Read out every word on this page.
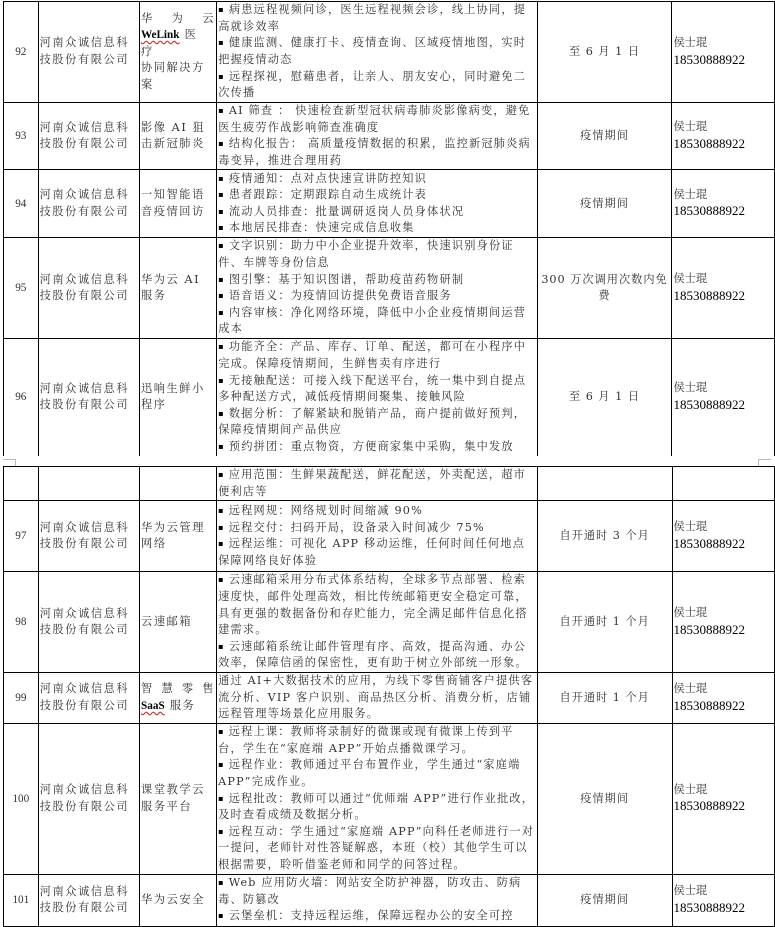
92	河南众诚信息科技股份有限公司	华 为 云
WeLink 医 疗
协同解决方案	▪ 病患远程视频问诊，医生远程视频会诊，线上协同，提高就诊效率
▪ 健康监测、健康打卡、疫情查询、区域疫情地图，实时把握疫情动态
▪ 远程探视，慰藉患者，让亲人、朋友安心，同时避免二次传播	至 6 月 1 日	侯士琨
18530888922
93	河南众诚信息科技股份有限公司	影像 AI 狙击新冠肺炎	▪ AI 筛查 ： 快速检查新型冠状病毒肺炎影像病变，避免医生疲劳作战影响筛查准确度
▪ 结构化报告： 高质量疫情数据的积累，监控新冠肺炎病毒变异，推进合理用药	疫情期间	侯士琨
18530888922
94	河南众诚信息科技股份有限公司	一知智能语音疫情回访	▪ 疫情通知：点对点快速宣讲防控知识
▪ 患者跟踪：定期跟踪自动生成统计表
▪ 流动人员排查：批量调研返岗人员身体状况
▪ 本地居民排查：快速完成信息收集	疫情期间	侯士琨
18530888922
95	河南众诚信息科技股份有限公司	华为云 AI 服务	▪ 文字识别：助力中小企业提升效率，快速识别身份证件、车牌等身份信息
▪ 图引擎：基于知识图谱，帮助疫苗药物研制
▪ 语音语义：为疫情回访提供免费语音服务
▪ 内容审核：净化网络环境，降低中小企业疫情期间运营成本	300 万次调用次数内免费	侯士琨
18530888922
96	河南众诚信息科技股份有限公司	迅响生鲜小程序	▪ 功能齐全：产品、库存、订单、配送，都可在小程序中完成。保障疫情期间，生鲜售卖有序进行
▪ 无接触配送：可接入线下配送平台，统一集中到自提点多种配送方式，减低疫情期间聚集、接触风险
▪ 数据分析：了解紧缺和脱销产品，商户提前做好预判，保障疫情期间产品供应
▪ 预约拼团：重点物资，方便商家集中采购，集中发放	至 6 月 1 日	侯士琨
18530888922

			▪ 应用范围：生鲜果蔬配送，鲜花配送，外卖配送，超市便利店等

97	河南众诚信息科技股份有限公司	华为云管理网络	▪ 远程网规：网络规划时间缩减 90%
▪ 远程交付：扫码开局，设备录入时间减少 75%
▪ 远程运维：可视化 APP 移动运维，任何时间任何地点保障网络良好体验	自开通时 3 个月	侯士琨
18530888922
98	河南众诚信息科技股份有限公司	云速邮箱	▪ 云速邮箱采用分布式体系结构，全球多节点部署、检索速度快，邮件处理高效，相比传统邮箱更安全稳定可靠，具有更强的数据备份和存贮能力，完全满足邮件信息化搭建需求。
▪ 云速邮箱系统让邮件管理有序、高效，提高沟通、办公效率，保障信函的保密性，更有助于树立外部统一形象。	自开通时 1 个月	侯士琨
18530888922
99	河南众诚信息科技股份有限公司	智 慧 零 售
SaaS 服务	通过 AI+大数据技术的应用，为线下零售商铺客户提供客流分析、VIP 客户识别、商品热区分析、消费分析，店铺远程管理等场景化应用服务。	自开通时 1 个月	侯士琨
18530888922
100	河南众诚信息科技股份有限公司	课堂教学云服务平台	▪ 远程上课：教师将录制好的微课或现有微课上传到平台，学生在“家庭端 APP”开始点播微课学习。
▪ 远程作业：教师通过平台布置作业，学生通过“家庭端 APP”完成作业。
▪ 远程批改：教师可以通过“优师端 APP”进行作业批改，及时查看成绩及数据分析。
▪ 远程互动：学生通过“家庭端 APP”向科任老师进行一对一提问，老师针对性答疑解惑，本班（校）其他学生可以根据需要，聆听借鉴老师和同学的问答过程。	疫情期间	侯士琨
18530888922
101	河南众诚信息科技股份有限公司	华为云安全	▪ Web 应用防火墙：网站安全防护神器，防攻击、防病毒、防篡改
▪ 云堡垒机：支持远程运维，保障远程办公的安全可控	疫情期间	侯士琨
18530888922
